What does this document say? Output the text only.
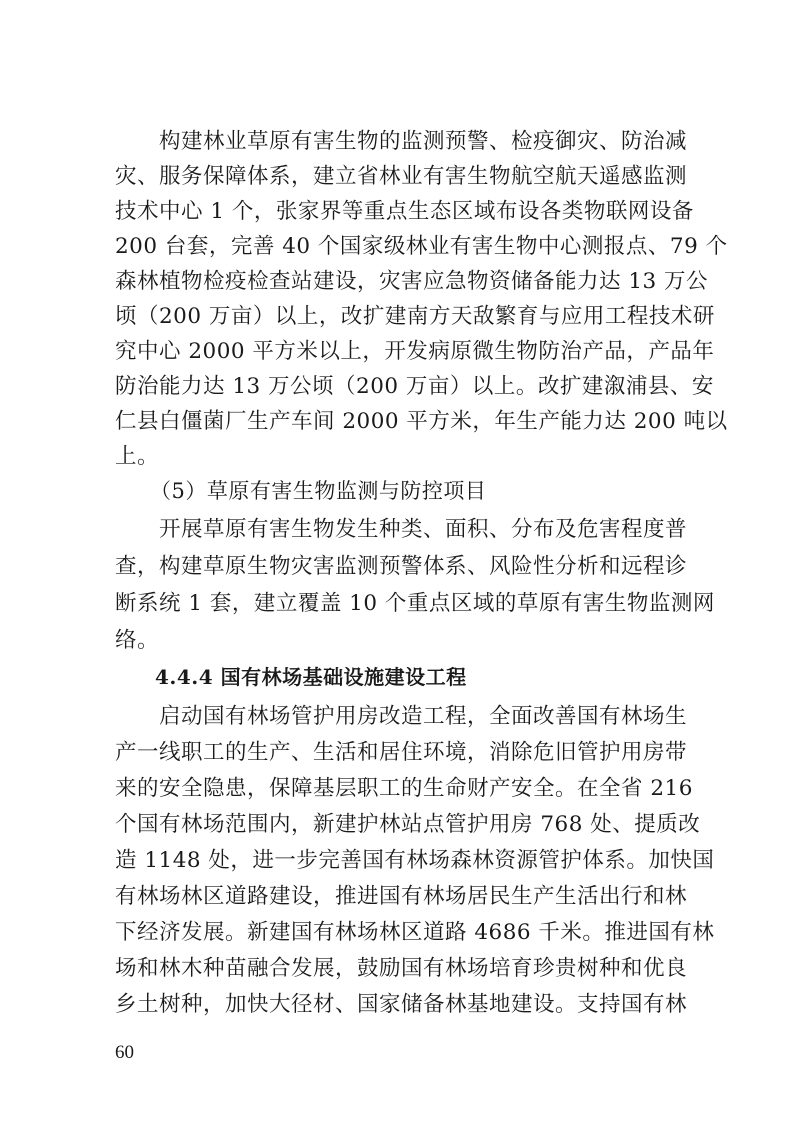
　　构建林业草原有害生物的监测预警、检疫御灾、防治减
灾、服务保障体系，建立省林业有害生物航空航天遥感监测
技术中心 1 个，张家界等重点生态区域布设各类物联网设备
200 台套，完善 40 个国家级林业有害生物中心测报点、79 个
森林植物检疫检查站建设，灾害应急物资储备能力达 13 万公
顷（200 万亩）以上，改扩建南方天敌繁育与应用工程技术研
究中心 2000 平方米以上，开发病原微生物防治产品，产品年
防治能力达 13 万公顷（200 万亩）以上。改扩建溆浦县、安
仁县白僵菌厂生产车间 2000 平方米，年生产能力达 200 吨以
上。
（5）草原有害生物监测与防控项目
　　开展草原有害生物发生种类、面积、分布及危害程度普
查，构建草原生物灾害监测预警体系、风险性分析和远程诊
断系统 1 套，建立覆盖 10 个重点区域的草原有害生物监测网
络。
4.4.4 国有林场基础设施建设工程
　　启动国有林场管护用房改造工程，全面改善国有林场生
产一线职工的生产、生活和居住环境，消除危旧管护用房带
来的安全隐患，保障基层职工的生命财产安全。在全省 216
个国有林场范围内，新建护林站点管护用房 768 处、提质改
造 1148 处，进一步完善国有林场森林资源管护体系。加快国
有林场林区道路建设，推进国有林场居民生产生活出行和林
下经济发展。新建国有林场林区道路 4686 千米。推进国有林
场和林木种苗融合发展，鼓励国有林场培育珍贵树种和优良
乡土树种，加快大径材、国家储备林基地建设。支持国有林
60
